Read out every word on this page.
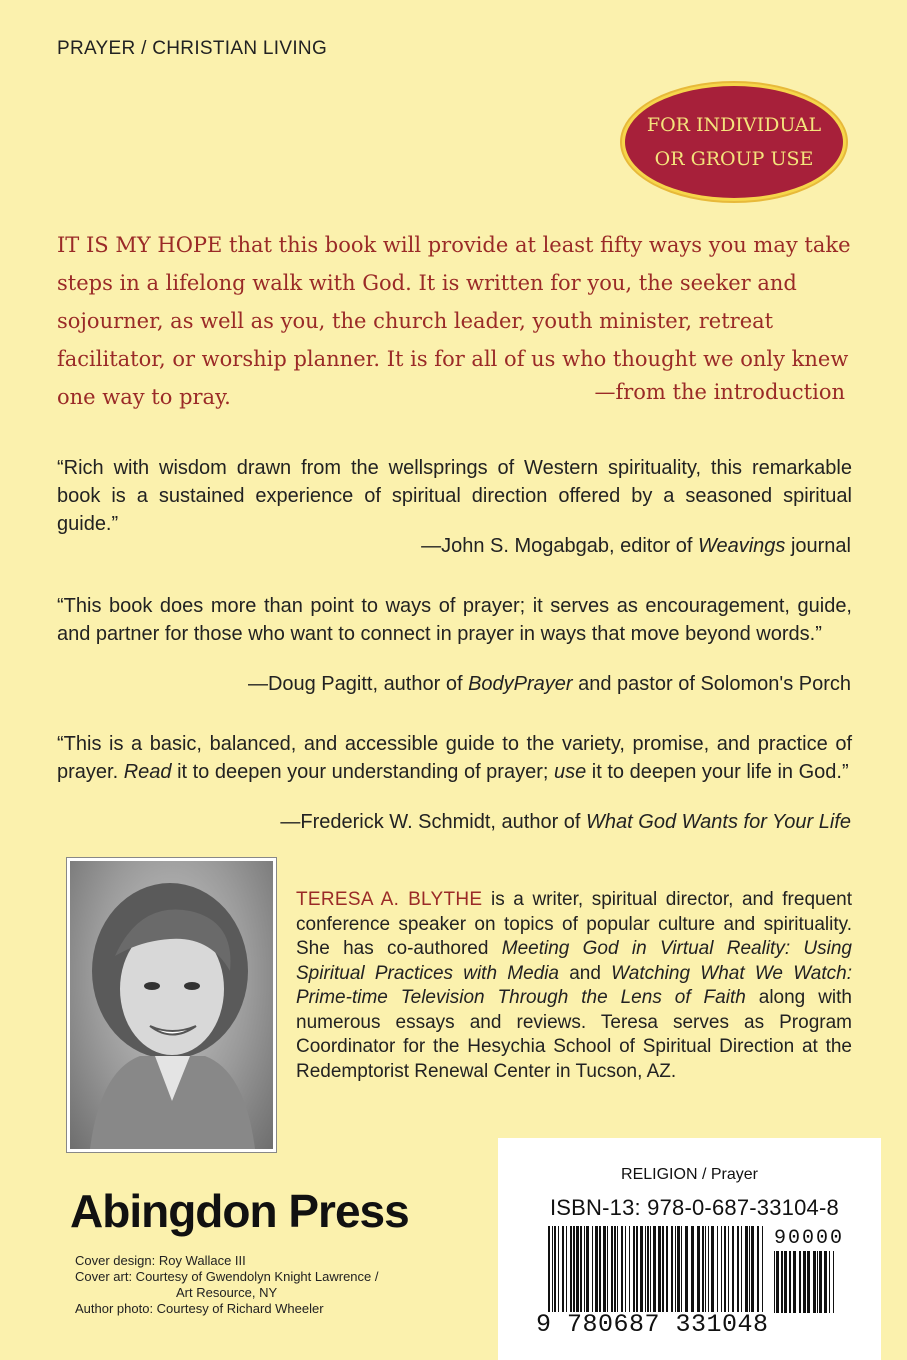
PRAYER / CHRISTIAN LIVING
FOR INDIVIDUAL
OR GROUP USE

IT IS MY HOPE that this book will provide at least fifty ways you may take steps in a lifelong walk with God. It is written for you, the seeker and sojourner, as well as you, the church leader, youth minister, retreat facilitator, or worship planner. It is for all of us who thought we only knew one way to pray.	—from the introduction

“Rich with wisdom drawn from the wellsprings of Western spirituality, this remarkable book is a sustained experience of spiritual direction offered by a seasoned spiritual guide.”

—John S. Mogabgab, editor of Weavings journal

“This book does more than point to ways of prayer; it serves as encouragement, guide, and partner for those who want to connect in prayer in ways that move beyond words.”

—Doug Pagitt, author of BodyPrayer and pastor of Solomon's Porch

“This is a basic, balanced, and accessible guide to the variety, promise, and practice of prayer. Read it to deepen your understanding of prayer; use it to deepen your life in God.”

—Frederick W. Schmidt, author of What God Wants for Your Life

TERESA A. BLYTHE is a writer, spiritual director, and frequent conference speaker on topics of popular culture and spirituality. She has co-authored Meeting God in Virtual Reality: Using Spiritual Practices with Media and Watching What We Watch: Prime-time Television Through the Lens of Faith along with numerous essays and reviews. Teresa serves as Program Coordinator for the Hesychia School of Spiritual Direction at the Redemptorist Renewal Center in Tucson, AZ.

Abingdon Press
Cover design: Roy Wallace III
Cover art: Courtesy of Gwendolyn Knight Lawrence /
Art Resource, NY
Author photo: Courtesy of Richard Wheeler
RELIGION / Prayer
ISBN-13: 978-0-687-33104-8
90000
9 780687 331048
